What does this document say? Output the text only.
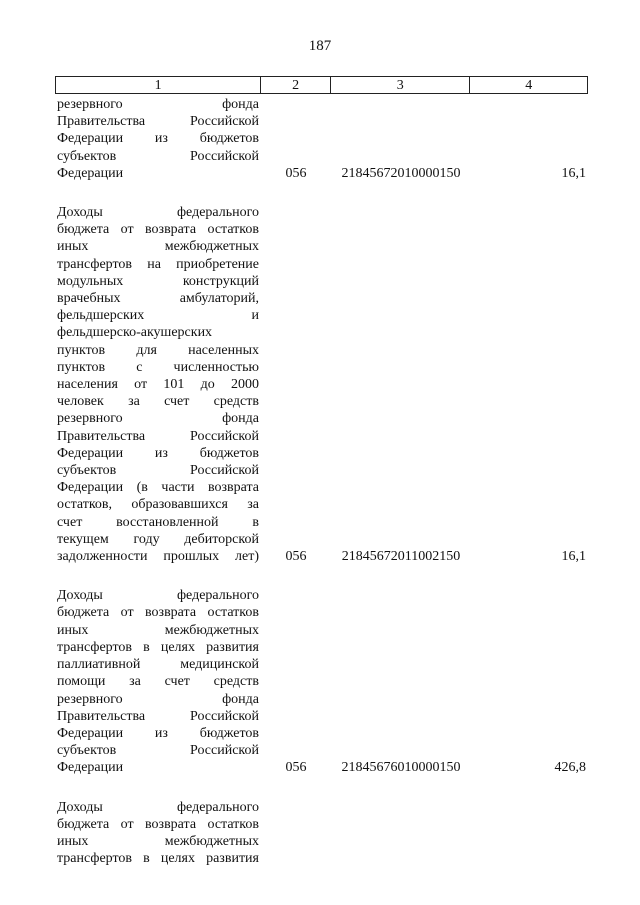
187
1	2	3	4
резервного	фонда
Правительства	Российской
Федерации из бюджетов
субъектов	Российской
Федерации	056	21845672010000150	16,1
Доходы	федерального
бюджета от возврата остатков
иных	межбюджетных
трансфертов на приобретение
модульных	конструкций
врачебных	амбулаторий,
фельдшерских	и
фельдшерско-акушерских
пунктов для населенных
пунктов с численностью
населения от 101 до 2000
человек за счет средств
резервного	фонда
Правительства	Российской
Федерации из бюджетов
субъектов	Российской
Федерации (в части возврата
остатков, образовавшихся за
счет восстановленной в
текущем году дебиторской
задолженности прошлых лет)	056	21845672011002150	16,1
Доходы	федерального
бюджета от возврата остатков
иных	межбюджетных
трансфертов в целях развития
паллиативной	медицинской
помощи за счет средств
резервного	фонда
Правительства	Российской
Федерации из бюджетов
субъектов	Российской
Федерации	056	21845676010000150	426,8
Доходы	федерального
бюджета от возврата остатков
иных	межбюджетных
трансфертов в целях развития
